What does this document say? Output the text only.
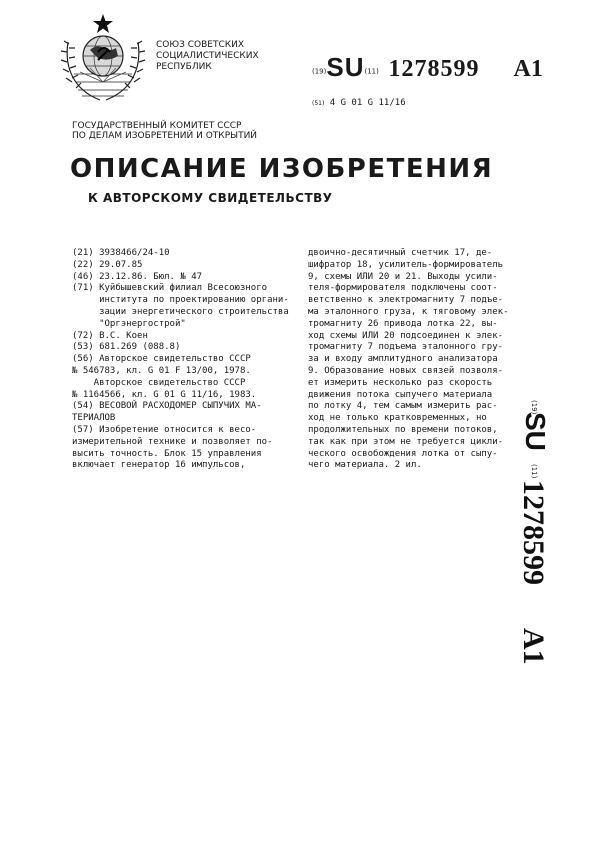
СОЮЗ СОВЕТСКИХ
СОЦИАЛИСТИЧЕСКИХ
РЕСПУБЛИК	(19)SU(11) 1278599 A1
(51) 4 G 01 G 11/16
ГОСУДАРСТВЕННЫЙ КОМИТЕТ СССР
ПО ДЕЛАМ ИЗОБРЕТЕНИЙ И ОТКРЫТИЙ
ОПИСАНИЕ ИЗОБРЕТЕНИЯ
К АВТОРСКОМУ СВИДЕТЕЛЬСТВУ
(21) 3938466/24-10
(22) 29.07.85
(46) 23.12.86. Бюл. № 47
(71) Куйбышевский филиал Всесоюзного
института по проектированию органи-
зации энергетического строительства
"Оргэнергострой"
(72) В.С. Коен
(53) 681.269 (088.8)
(56) Авторское свидетельство СССР
№ 546783, кл. G 01 F 13/00, 1978.
Авторское свидетельство СССР
№ 1164566, кл. G 01 G 11/16, 1983.
(54) ВЕСОВОЙ РАСХОДОМЕР СЫПУЧИХ МА-
ТЕРИАЛОВ
(57) Изобретение относится к весо-
измерительной технике и позволяет по-
высить точность. Блок 15 управления
включает генератор 16 импульсов,
двоично-десятичный счетчик 17, де-
шифратор 18, усилитель-формирователь
9, схемы ИЛИ 20 и 21. Выходы усили-
теля-формирователя подключены соот-
ветственно к электромагниту 7 подъе-
ма эталонного груза, к тяговому элек-
тромагниту 26 привода лотка 22, вы-
ход схемы ИЛИ 20 подсоединен к элек-
тромагниту 7 подъема эталонного гру-
за и входу амплитудного анализатора
9. Образование новых связей позволя-
ет измерить несколько раз скорость
движения потока сыпучего материала
по лотку 4, тем самым измерить рас-
ход не только кратковременных, но
продолжительных по времени потоков,
так как при этом не требуется цикли-
ческого освобождения лотка от сыпу-
чего материала. 2 ил.
(19)
SU
(11)
1278599
A1
